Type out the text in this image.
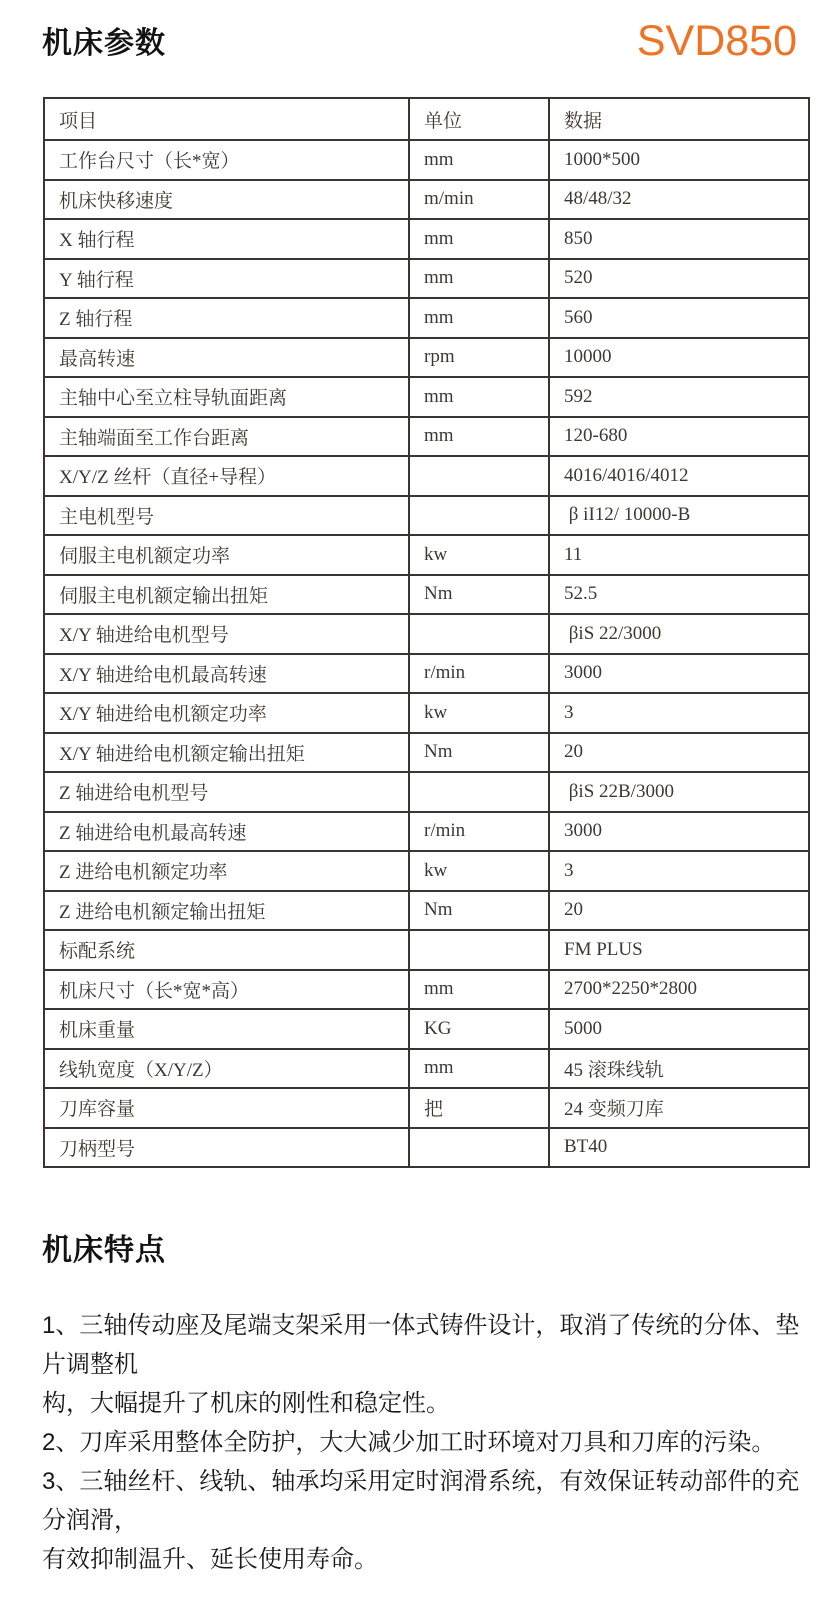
机床参数	SVD850
项目	单位	数据
工作台尺寸（长*宽）	mm	1000*500
机床快移速度	m/min	48/48/32
X 轴行程	mm	850
Y 轴行程	mm	520
Z 轴行程	mm	560
最高转速	rpm	10000
主轴中心至立柱导轨面距离	mm	592
主轴端面至工作台距离	mm	120-680
X/Y/Z 丝杆（直径+导程）		4016/4016/4012
主电机型号		β iI12/ 10000-B
伺服主电机额定功率	kw	11
伺服主电机额定输出扭矩	Nm	52.5
X/Y 轴进给电机型号		βiS 22/3000
X/Y 轴进给电机最高转速	r/min	3000
X/Y 轴进给电机额定功率	kw	3
X/Y 轴进给电机额定输出扭矩	Nm	20
Z 轴进给电机型号		βiS 22B/3000
Z 轴进给电机最高转速	r/min	3000
Z 进给电机额定功率	kw	3
Z 进给电机额定输出扭矩	Nm	20
标配系统		FM PLUS
机床尺寸（长*宽*高）	mm	2700*2250*2800
机床重量	KG	5000
线轨宽度（X/Y/Z）	mm	45 滚珠线轨
刀库容量	把	24 变频刀库
刀柄型号		BT40
机床特点
1、三轴传动座及尾端支架采用一体式铸件设计，取消了传统的分体、垫
片调整机
构，大幅提升了机床的刚性和稳定性。
2、刀库采用整体全防护，大大减少加工时环境对刀具和刀库的污染。
3、三轴丝杆、线轨、轴承均采用定时润滑系统，有效保证转动部件的充
分润滑，
有效抑制温升、延长使用寿命。
